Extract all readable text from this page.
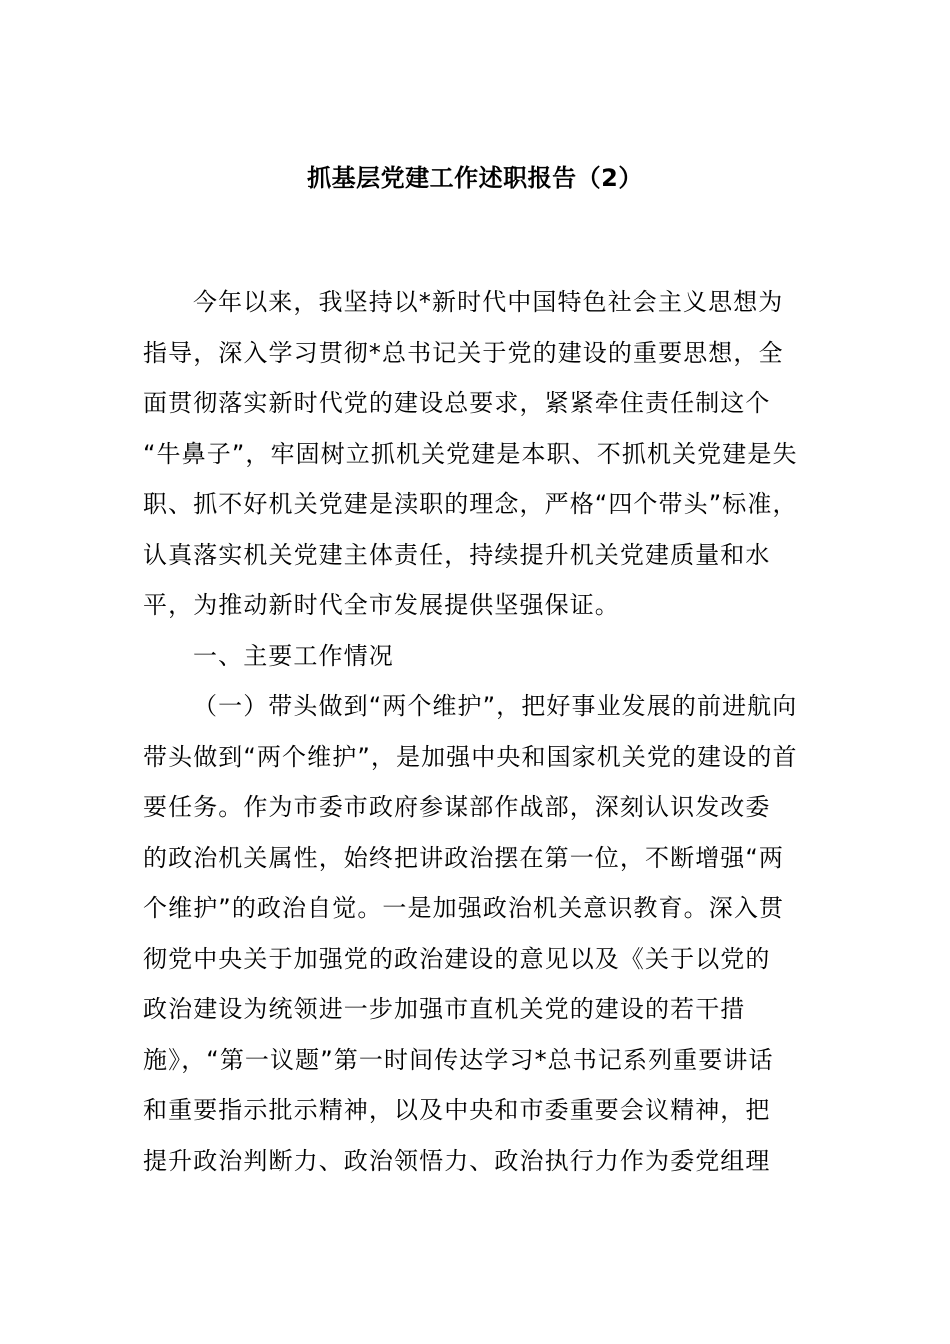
抓基层党建工作述职报告（2）
今年以来，我坚持以*新时代中国特色社会主义思想为
指导，深入学习贯彻*总书记关于党的建设的重要思想，全
面贯彻落实新时代党的建设总要求，紧紧牵住责任制这个
“牛鼻子”，牢固树立抓机关党建是本职、不抓机关党建是失
职、抓不好机关党建是渎职的理念，严格“四个带头”标准，
认真落实机关党建主体责任，持续提升机关党建质量和水
平，为推动新时代全市发展提供坚强保证。
一、主要工作情况
（一）带头做到“两个维护”，把好事业发展的前进航向
带头做到“两个维护”，是加强中央和国家机关党的建设的首
要任务。作为市委市政府参谋部作战部，深刻认识发改委
的政治机关属性，始终把讲政治摆在第一位，不断增强“两
个维护”的政治自觉。一是加强政治机关意识教育。深入贯
彻党中央关于加强党的政治建设的意见以及《关于以党的
政治建设为统领进一步加强市直机关党的建设的若干措
施》，“第一议题”第一时间传达学习*总书记系列重要讲话
和重要指示批示精神，以及中央和市委重要会议精神，把
提升政治判断力、政治领悟力、政治执行力作为委党组理
